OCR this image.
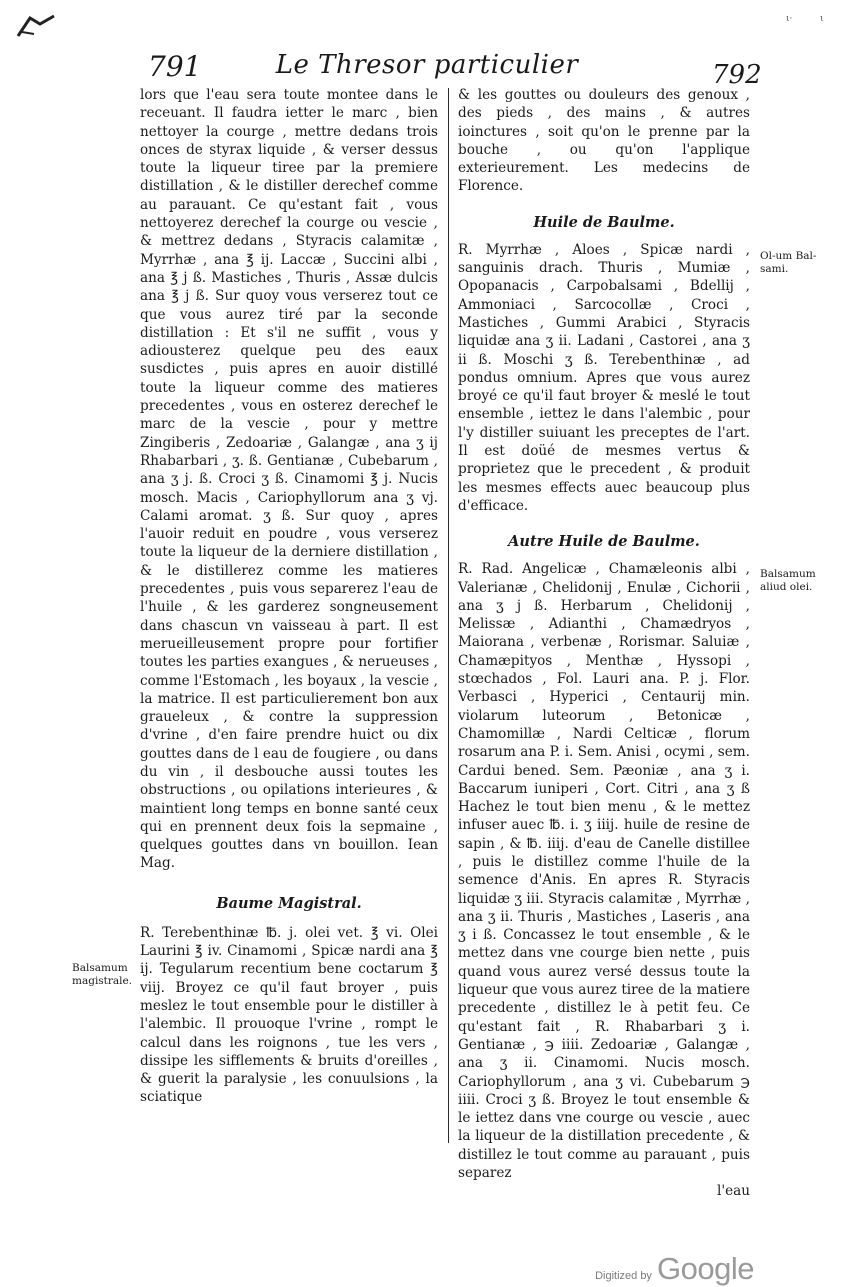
ι·	ι
791	Le Thresor particulier	792

lors que l'eau sera toute montee dans le receuant. Il faudra ietter le marc , bien nettoyer la courge , mettre dedans trois onces de styrax liquide , & verser dessus toute la liqueur tiree par la premiere distillation , & le distiller derechef comme au parauant. Ce qu'estant fait , vous nettoyerez derechef la courge ou vescie , & mettrez dedans , Styracis calamitæ , Myrrhæ , ana ℥ ij. Laccæ , Succini albi , ana ℥ j ß. Mastiches , Thuris , Assæ dulcis ana ℥ j ß. Sur quoy vous verserez tout ce que vous aurez tiré par la seconde distillation : Et s'il ne suffit , vous y adiousterez quelque peu des eaux susdictes , puis apres en auoir distillé toute la liqueur comme des matieres precedentes , vous en osterez derechef le marc de la vescie , pour y mettre Zingiberis , Zedoariæ , Galangæ , ana ʒ ij Rhabarbari , ʒ. ß. Gentianæ , Cubebarum , ana ʒ j. ß. Croci ʒ ß. Cinamomi ℥ j. Nucis mosch. Macis , Cariophyllorum ana ʒ vj. Calami aromat. ʒ ß. Sur quoy , apres l'auoir reduit en poudre , vous verserez toute la liqueur de la derniere distillation , & le distillerez comme les matieres precedentes , puis vous separerez l'eau de l'huile , & les garderez songneusement dans chascun vn vaisseau à part. Il est merueilleusement propre pour fortifier toutes les parties exangues , & nerueuses , comme l'Estomach , les boyaux , la vescie , la matrice. Il est particulierement bon aux graueleux , & contre la suppression d'vrine , d'en faire prendre huict ou dix gouttes dans de l eau de fougiere , ou dans du vin , il desbouche aussi toutes les obstructions , ou opilations interieures , & maintient long temps en bonne santé ceux qui en prennent deux fois la sepmaine , quelques gouttes dans vn bouillon. Iean Mag.

Baume Magistral.

R. Terebenthinæ ℔. j. olei vet. ℥ vi. Olei Laurini ℥ iv. Cinamomi , Spicæ nardi ana ℥ ij. Tegularum recentium bene coctarum ℥ viij. Broyez ce qu'il faut broyer , puis meslez le tout ensemble pour le distiller à l'alembic. Il prouoque l'vrine , rompt le calcul dans les roignons , tue les vers , dissipe les sifflements & bruits d'oreilles , & guerit la paralysie , les conuulsions , la sciatique

& les gouttes ou douleurs des genoux , des pieds , des mains , & autres ioinctures , soit qu'on le prenne par la bouche , ou qu'on l'applique exterieurement. Les medecins de Florence.

Huile de Baulme.

R. Myrrhæ , Aloes , Spicæ nardi , sanguinis drach. Thuris , Mumiæ , Opopanacis , Carpobalsami , Bdellij , Ammoniaci , Sarcocollæ , Croci , Mastiches , Gummi Arabici , Styracis liquidæ ana ʒ ii. Ladani , Castorei , ana ʒ ii ß. Moschi ʒ ß. Terebenthinæ , ad pondus omnium. Apres que vous aurez broyé ce qu'il faut broyer & meslé le tout ensemble , iettez le dans l'alembic , pour l'y distiller suiuant les preceptes de l'art. Il est doüé de mesmes vertus & proprietez que le precedent , & produit les mesmes effects auec beaucoup plus d'efficace.

Autre Huile de Baulme.

R. Rad. Angelicæ , Chamæleonis albi , Valerianæ , Chelidonij , Enulæ , Cichorii , ana ʒ j ß. Herbarum , Chelidonij , Melissæ , Adianthi , Chamædryos , Maiorana , verbenæ , Rorismar. Saluiæ , Chamæpityos , Menthæ , Hyssopi , stœchados , Fol. Lauri ana. P. j. Flor. Verbasci , Hyperici , Centaurij min. violarum luteorum , Betonicæ , Chamomillæ , Nardi Celticæ , florum rosarum ana P. i. Sem. Anisi , ocymi , sem. Cardui bened. Sem. Pæoniæ , ana ʒ i. Baccarum iuniperi , Cort. Citri , ana ʒ ß Hachez le tout bien menu , & le mettez infuser auec ℔. i. ʒ iiij. huile de resine de sapin , & ℔. iiij. d'eau de Canelle distillee , puis le distillez comme l'huile de la semence d'Anis. En apres R. Styracis liquidæ ʒ iii. Styracis calamitæ , Myrrhæ , ana ʒ ii. Thuris , Mastiches , Laseris , ana ʒ i ß. Concassez le tout ensemble , & le mettez dans vne courge bien nette , puis quand vous aurez versé dessus toute la liqueur que vous aurez tiree de la matiere precedente , distillez le à petit feu. Ce qu'estant fait , R. Rhabarbari ʒ i. Gentianæ , ℈ iiii. Zedoariæ , Galangæ , ana ʒ ii. Cinamomi. Nucis mosch. Cariophyllorum , ana ʒ vi. Cubebarum ℈ iiii. Croci ʒ ß. Broyez le tout ensemble & le iettez dans vne courge ou vescie , auec la liqueur de la distillation precedente , & distillez le tout comme au parauant , puis separez

l'eau

Ol-um Bal- sami.
Balsamum aliud olei.
Balsamum magistrale.
Digitized by Google
